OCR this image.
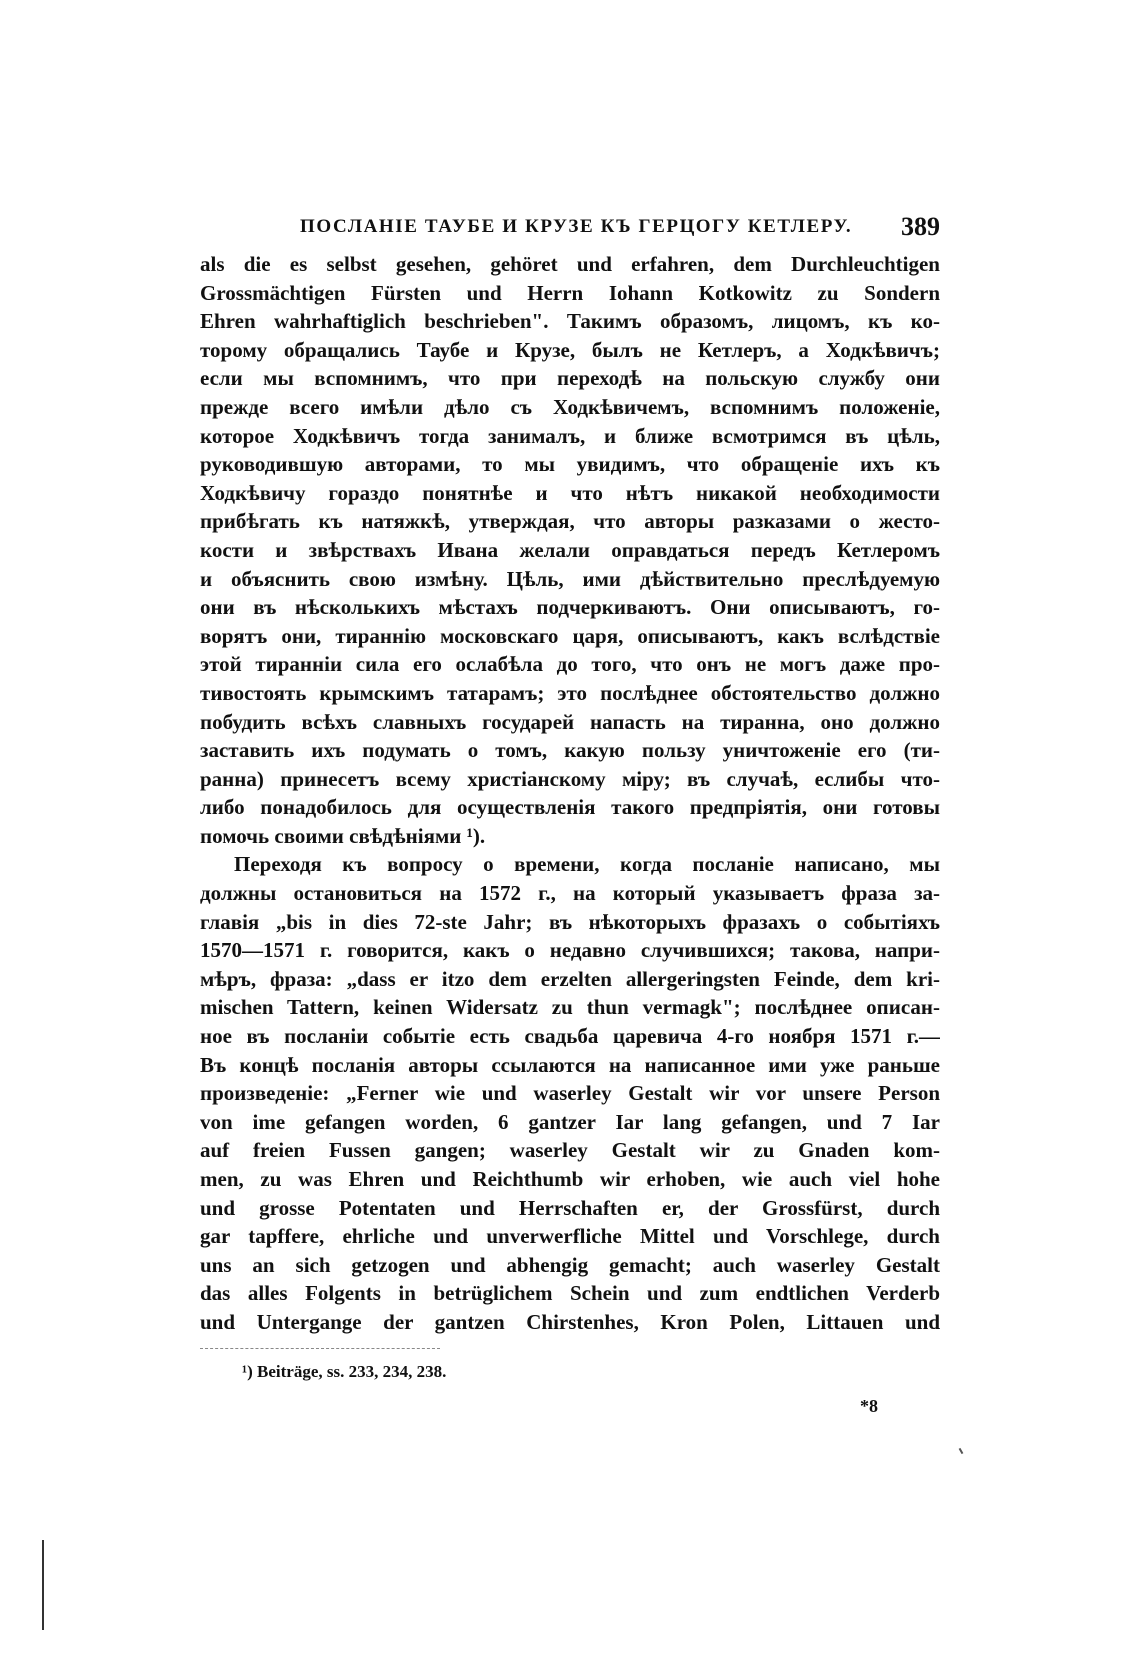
ПОСЛАНІЕ ТАУБЕ И КРУЗЕ КЪ ГЕРЦОГУ КЕТЛЕРУ. 389
als die es selbst gesehen, gehöret und erfahren, dem Durchleuchtigen
Grossmächtigen Fürsten und Herrn Iohann Kotkowitz zu Sondern
Ehren wahrhaftiglich beschrieben". Такимъ образомъ, лицомъ, къ ко-
торому обращались Таубе и Крузе, былъ не Кетлеръ, а Ходкѣвичъ;
если мы вспомнимъ, что при переходѣ на польскую службу они
прежде всего имѣли дѣло съ Ходкѣвичемъ, вспомнимъ положеніе,
которое Ходкѣвичъ тогда занималъ, и ближе всмотримся въ цѣль,
руководившую авторами, то мы увидимъ, что обращеніе ихъ къ
Ходкѣвичу гораздо понятнѣе и что нѣтъ никакой необходимости
прибѣгать къ натяжкѣ, утверждая, что авторы разказами о жесто-
кости и звѣрствахъ Ивана желали оправдаться передъ Кетлеромъ
и объяснить свою измѣну. Цѣль, ими дѣйствительно преслѣдуемую
они въ нѣсколькихъ мѣстахъ подчеркиваютъ. Они описываютъ, го-
ворятъ они, тираннію московскаго царя, описываютъ, какъ вслѣдствіе
этой тиранніи сила его ослабѣла до того, что онъ не могъ даже про-
тивостоять крымскимъ татарамъ; это послѣднее обстоятельство должно
побудить всѣхъ славныхъ государей напасть на тиранна, оно должно
заставить ихъ подумать о томъ, какую пользу уничтоженіе его (ти-
ранна) принесетъ всему христіанскому міру; въ случаѣ, еслибы что-
либо понадобилось для осуществленія такого предпріятія, они готовы
помочь своими свѣдѣніями ¹).
Переходя къ вопросу о времени, когда посланіе написано, мы
должны остановиться на 1572 г., на который указываетъ фраза за-
главія „bis in dies 72-ste Jahr; въ нѣкоторыхъ фразахъ о событіяхъ
1570—1571 г. говорится, какъ о недавно случившихся; такова, напри-
мѣръ, фраза: „dass er itzo dem erzelten allergeringsten Feinde, dem kri-
mischen Tattern, keinen Widersatz zu thun vermagk"; послѣднее описан-
ное въ посланіи событіе есть свадьба царевича 4-го ноября 1571 г.—
Въ концѣ посланія авторы ссылаются на написанное ими уже раньше
произведеніе: „Ferner wie und waserley Gestalt wir vor unsere Person
von ime gefangen worden, 6 gantzer Iar lang gefangen, und 7 Iar
auf freien Fussen gangen; waserley Gestalt wir zu Gnaden kom-
men, zu was Ehren und Reichthumb wir erhoben, wie auch viel hohe
und grosse Potentaten und Herrschaften er, der Grossfürst, durch
gar tapffere, ehrliche und unverwerfliche Mittel und Vorschlege, durch
uns an sich getzogen und abhengig gemacht; auch waserley Gestalt
das alles Folgents in betrüglichem Schein und zum endtlichen Verderb
und Untergange der gantzen Chirstenhes, Kron Polen, Littauen und
¹) Beiträge, ss. 233, 234, 238.
*8
